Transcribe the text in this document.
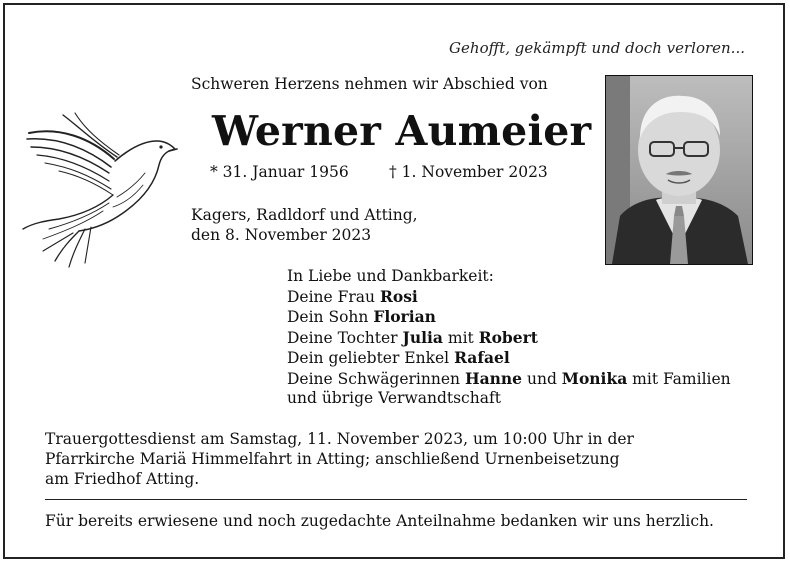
Gehofft, gekämpft und doch verloren...
Schweren Herzens nehmen wir Abschied von
Werner Aumeier
* 31. Januar 1956	† 1. November 2023
Kagers, Radldorf und Atting,
den 8. November 2023
In Liebe und Dankbarkeit:
Deine Frau Rosi
Dein Sohn Florian
Deine Tochter Julia mit Robert
Dein geliebter Enkel Rafael
Deine Schwägerinnen Hanne und Monika mit Familien
und übrige Verwandtschaft
Trauergottesdienst am Samstag, 11. November 2023, um 10:00 Uhr in der
Pfarrkirche Mariä Himmelfahrt in Atting; anschließend Urnenbeisetzung
am Friedhof Atting.
Für bereits erwiesene und noch zugedachte Anteilnahme bedanken wir uns herzlich.
